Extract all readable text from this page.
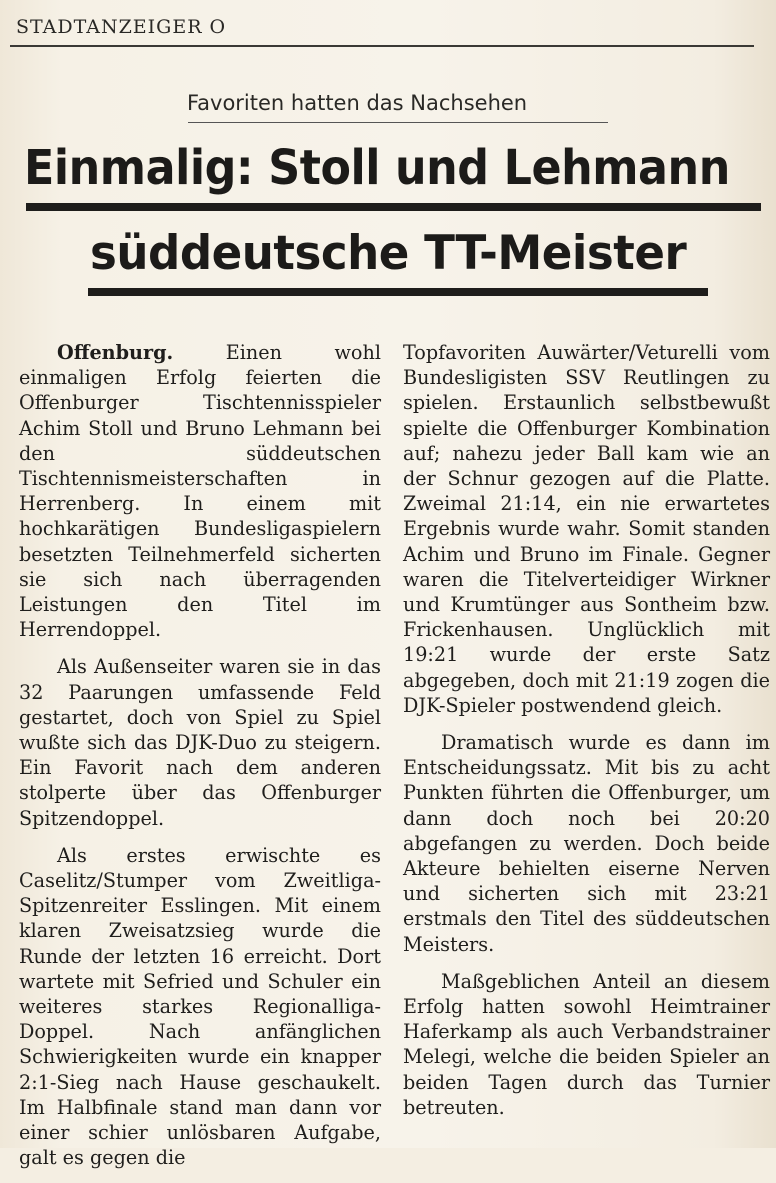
STADTANZEIGER O
Favoriten hatten das Nachsehen
Einmalig: Stoll und Lehmann
süddeutsche TT-Meister

Offenburg.	Einen wohl einmaligen Erfolg feierten die Offenburger Tischtennisspieler Achim Stoll und Bruno Lehmann bei den süddeutschen Tischtennismeisterschaften in Herrenberg. In einem mit hochkarätigen Bundesligaspielern besetzten Teilnehmerfeld sicherten sie sich nach überragenden Leistungen den Titel im Herrendoppel.

Als Außenseiter waren sie in das 32 Paarungen umfassende Feld gestartet, doch von Spiel zu Spiel wußte sich das DJK-Duo zu steigern. Ein Favorit nach dem anderen stolperte über das Offenburger Spitzendoppel.

Als erstes erwischte es Caselitz/Stumper vom Zweitliga-Spitzenreiter Esslingen. Mit einem klaren Zweisatzsieg wurde die Runde der letzten 16 erreicht. Dort wartete mit Sefried und Schuler ein weiteres starkes Regionalliga-Doppel. Nach anfänglichen Schwierigkeiten wurde ein knapper 2:1-Sieg nach Hause geschaukelt. Im Halbfinale stand man dann vor einer schier unlösbaren Aufgabe, galt es gegen die

Topfavoriten Auwärter/Veturelli vom Bundesligisten SSV Reutlingen zu spielen. Erstaunlich selbstbewußt spielte die Offenburger Kombination auf; nahezu jeder Ball kam wie an der Schnur gezogen auf die Platte. Zweimal 21:14, ein nie erwartetes Ergebnis wurde wahr. Somit standen Achim und Bruno im Finale. Gegner waren die Titelverteidiger Wirkner und Krumtünger aus Sontheim bzw. Frickenhausen. Unglücklich mit 19:21 wurde der erste Satz abgegeben, doch mit 21:19 zogen die DJK-Spieler postwendend gleich.

Dramatisch wurde es dann im Entscheidungssatz. Mit bis zu acht Punkten führten die Offenburger, um dann doch noch bei 20:20 abgefangen zu werden. Doch beide Akteure behielten eiserne Nerven und sicherten sich mit 23:21 erstmals den Titel des süddeutschen Meisters.

Maßgeblichen Anteil an diesem Erfolg hatten sowohl Heimtrainer Haferkamp als auch Verbandstrainer Melegi, welche die beiden Spieler an beiden Tagen durch das Turnier betreuten.
